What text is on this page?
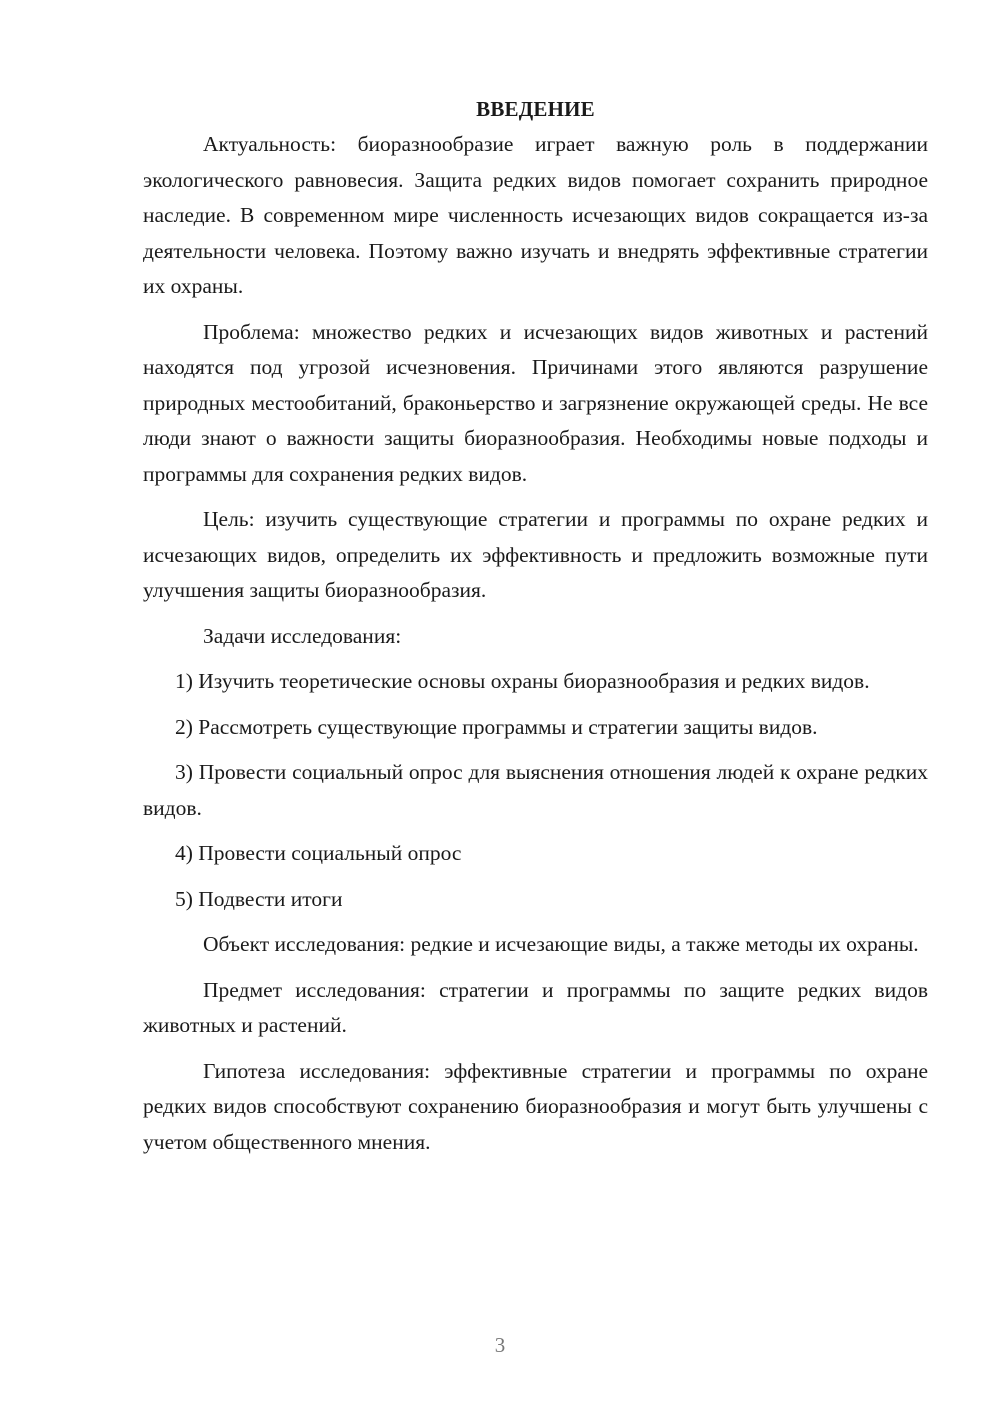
ВВЕДЕНИЕ

Актуальность: биоразнообразие играет важную роль в поддержании экологического равновесия. Защита редких видов помогает сохранить природное наследие. В современном мире численность исчезающих видов сокращается из-за деятельности человека. Поэтому важно изучать и внедрять эффективные стратегии их охраны.

Проблема: множество редких и исчезающих видов животных и растений находятся под угрозой исчезновения. Причинами этого являются разрушение природных местообитаний, браконьерство и загрязнение окружающей среды. Не все люди знают о важности защиты биоразнообразия. Необходимы новые подходы и программы для сохранения редких видов.

Цель: изучить существующие стратегии и программы по охране редких и исчезающих видов, определить их эффективность и предложить возможные пути улучшения защиты биоразнообразия.

Задачи исследования:

1) Изучить теоретические основы охраны биоразнообразия и редких видов.

2) Рассмотреть существующие программы и стратегии защиты видов.

3) Провести социальный опрос для выяснения отношения людей к охране редких видов.

4) Провести социальный опрос

5) Подвести итоги

Объект исследования: редкие и исчезающие виды, а также методы их охраны.

Предмет исследования: стратегии и программы по защите редких видов животных и растений.

Гипотеза исследования: эффективные стратегии и программы по охране редких видов способствуют сохранению биоразнообразия и могут быть улучшены с учетом общественного мнения.

3
